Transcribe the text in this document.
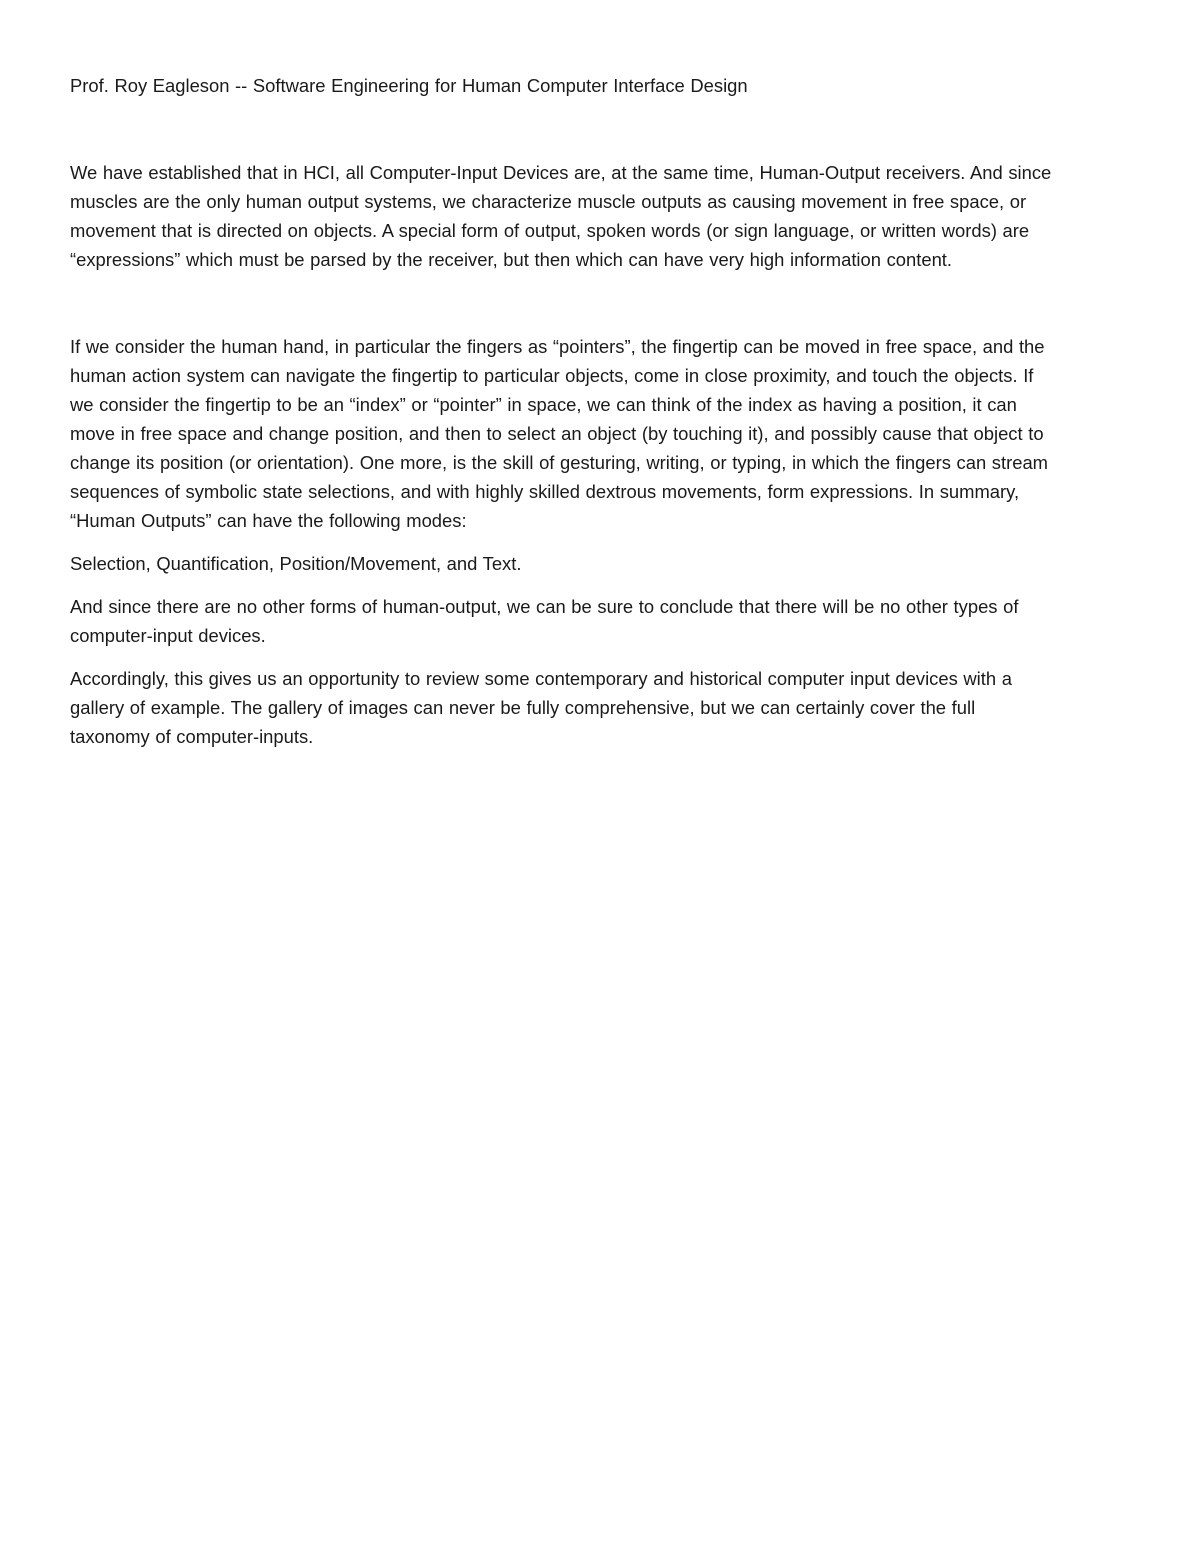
Prof. Roy Eagleson -- Software Engineering for Human Computer Interface Design
We have established that in HCI, all Computer-Input Devices are, at the same time, Human-Output receivers. And since
muscles are the only human output systems, we characterize muscle outputs as causing movement in free space, or
movement that is directed on objects. A special form of output, spoken words (or sign language, or written words) are
“expressions” which must be parsed by the receiver, but then which can have very high information content.
If we consider the human hand, in particular the fingers as “pointers”, the fingertip can be moved in free space, and the
human action system can navigate the fingertip to particular objects, come in close proximity, and touch the objects. If
we consider the fingertip to be an “index” or “pointer” in space, we can think of the index as having a position, it can
move in free space and change position, and then to select an object (by touching it), and possibly cause that object to
change its position (or orientation). One more, is the skill of gesturing, writing, or typing, in which the fingers can stream
sequences of symbolic state selections, and with highly skilled dextrous movements, form expressions. In summary,
“Human Outputs” can have the following modes:
Selection, Quantification, Position/Movement, and Text.
And since there are no other forms of human-output, we can be sure to conclude that there will be no other types of
computer-input devices.
Accordingly, this gives us an opportunity to review some contemporary and historical computer input devices with a
gallery of example. The gallery of images can never be fully comprehensive, but we can certainly cover the full
taxonomy of computer-inputs.
